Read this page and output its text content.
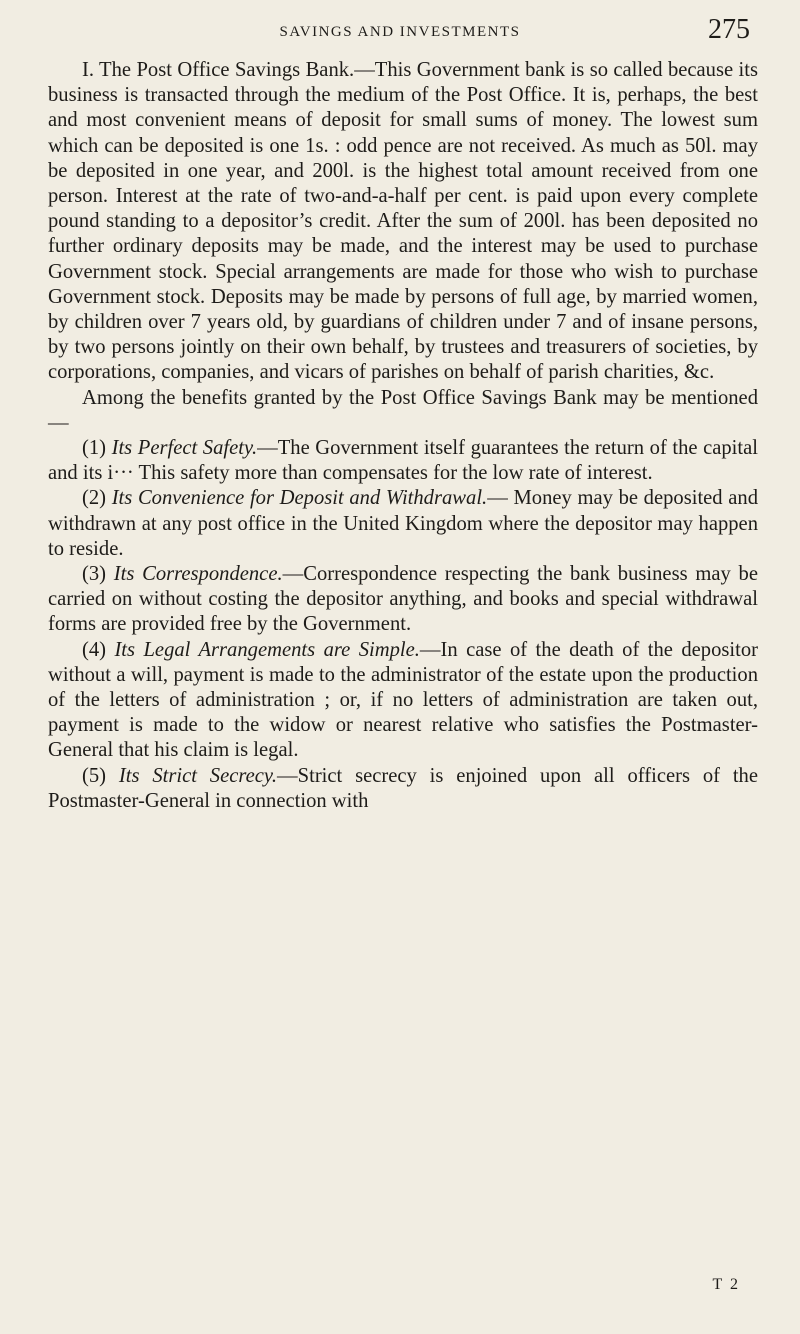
SAVINGS AND INVESTMENTS	275

I. The Post Office Savings Bank.—This Government bank is so called because its business is transacted through the medium of the Post Office. It is, perhaps, the best and most convenient means of deposit for small sums of money. The lowest sum which can be deposited is one 1s. : odd pence are not received. As much as 50l. may be deposited in one year, and 200l. is the highest total amount received from one person. Interest at the rate of two-and-a-half per cent. is paid upon every complete pound standing to a depositor’s credit. After the sum of 200l. has been deposited no further ordinary deposits may be made, and the interest may be used to purchase Government stock. Special arrangements are made for those who wish to purchase Government stock. Deposits may be made by persons of full age, by married women, by children over 7 years old, by guardians of children under 7 and of insane persons, by two persons jointly on their own behalf, by trustees and treasurers of societies, by corporations, companies, and vicars of parishes on behalf of parish charities, &c.

Among the benefits granted by the Post Office Savings Bank may be mentioned—

(1) Its Perfect Safety.—The Government itself guarantees the return of the capital and its i··· This safety more than compensates for the low rate of interest.

(2) Its Convenience for Deposit and Withdrawal.— Money may be deposited and withdrawn at any post office in the United Kingdom where the depositor may happen to reside.

(3) Its Correspondence.—Correspondence respecting the bank business may be carried on without costing the depositor anything, and books and special withdrawal forms are provided free by the Government.

(4) Its Legal Arrangements are Simple.—In case of the death of the depositor without a will, payment is made to the administrator of the estate upon the production of the letters of administration ; or, if no letters of administration are taken out, payment is made to the widow or nearest relative who satisfies the Postmaster-General that his claim is legal.

(5) Its Strict Secrecy.—Strict secrecy is enjoined upon all officers of the Postmaster-General in connection with

T 2
